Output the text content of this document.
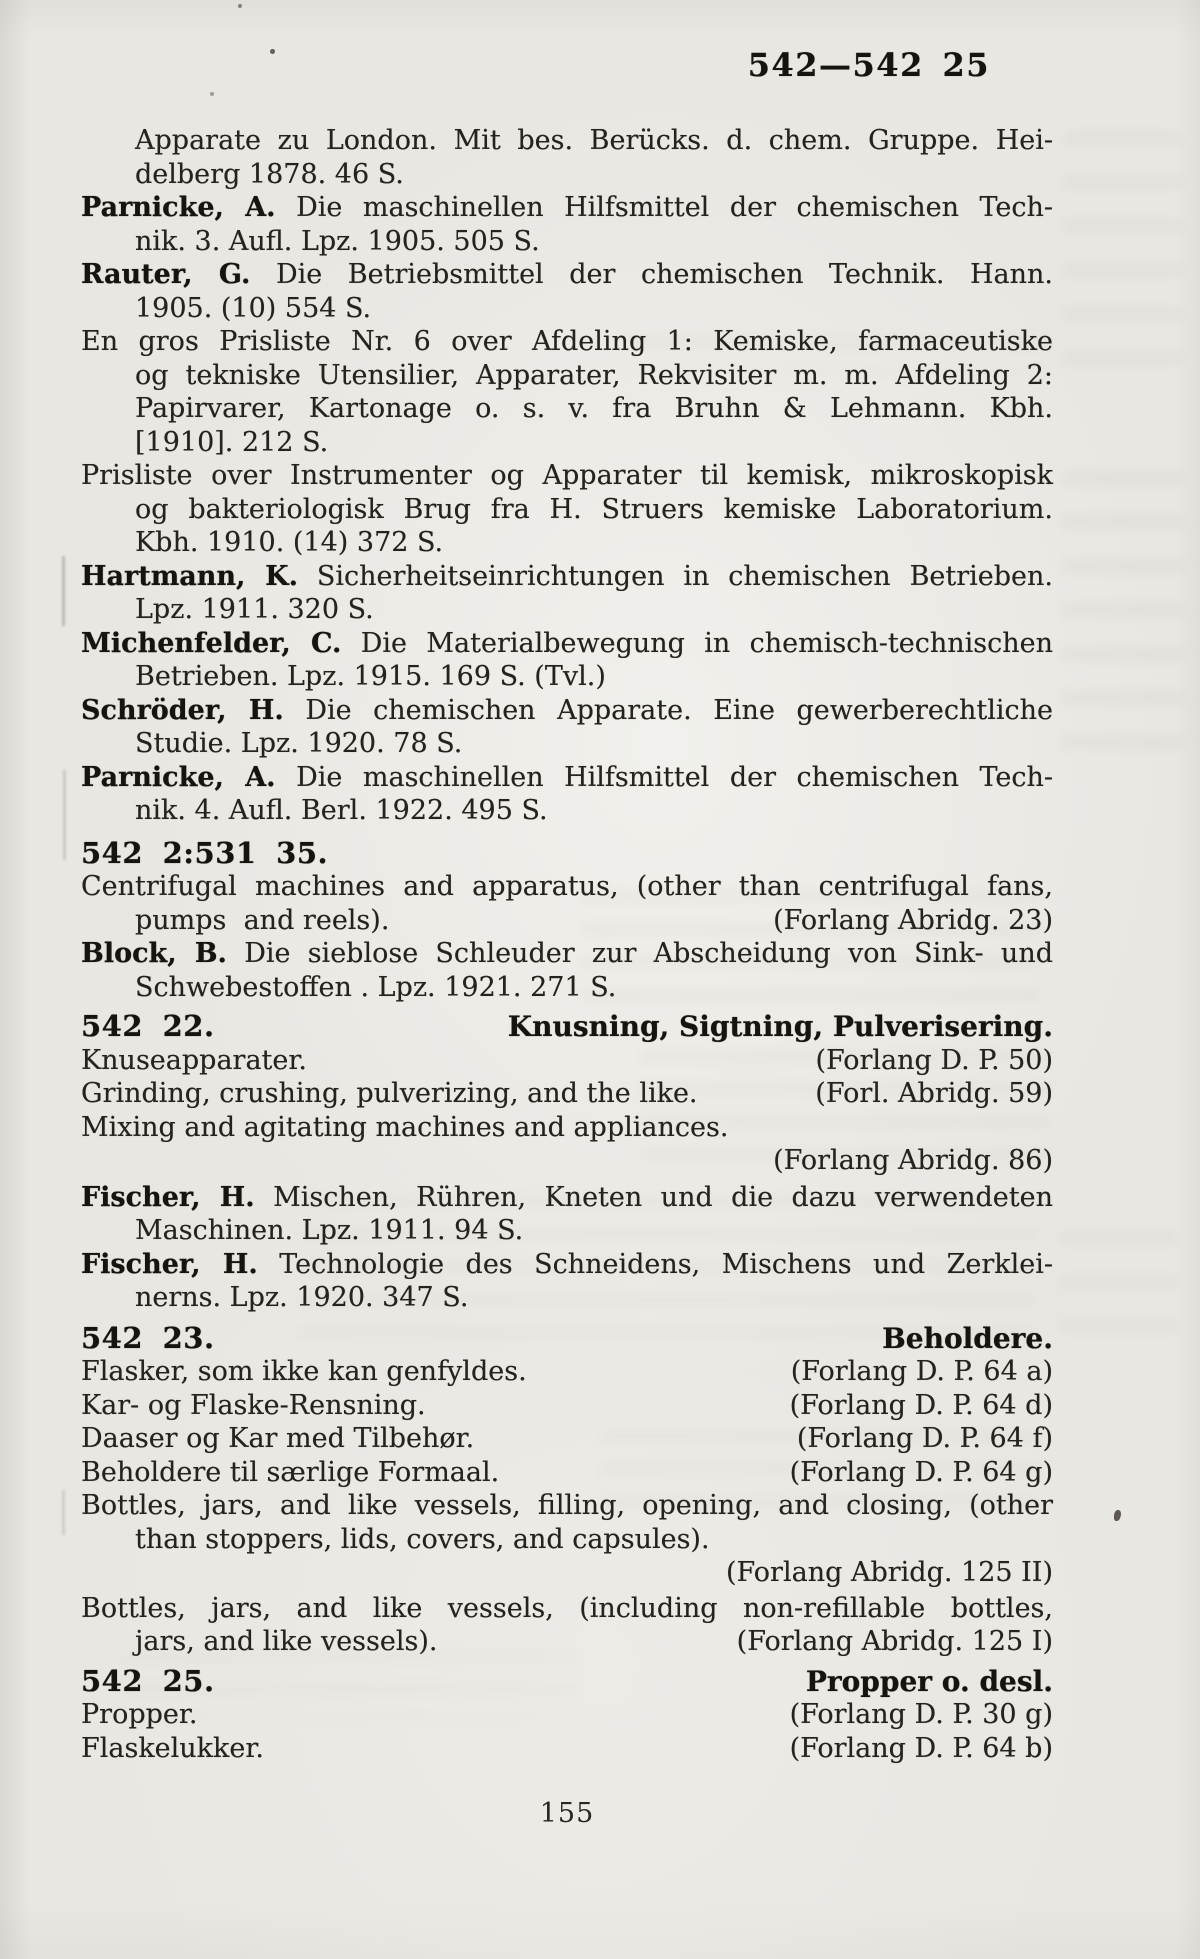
542—542 25
Apparate zu London. Mit bes. Berücks. d. chem. Gruppe. Hei-
delberg 1878. 46 S.
Parnicke, A. Die maschinellen Hilfsmittel der chemischen Tech-
nik. 3. Aufl. Lpz. 1905. 505 S.
Rauter, G. Die Betriebsmittel der chemischen Technik. Hann.
1905. (10) 554 S.
En gros Prisliste Nr. 6 over Afdeling 1: Kemiske, farmaceutiske
og tekniske Utensilier, Apparater, Rekvisiter m. m. Afdeling 2:
Papirvarer, Kartonage o. s. v. fra Bruhn & Lehmann. Kbh.
[1910]. 212 S.
Prisliste over Instrumenter og Apparater til kemisk, mikroskopisk
og bakteriologisk Brug fra H. Struers kemiske Laboratorium.
Kbh. 1910. (14) 372 S.
Hartmann, K. Sicherheitseinrichtungen in chemischen Betrieben.
Lpz. 1911. 320 S.
Michenfelder, C. Die Materialbewegung in chemisch-technischen
Betrieben. Lpz. 1915. 169 S. (Tvl.)
Schröder, H. Die chemischen Apparate. Eine gewerberechtliche
Studie. Lpz. 1920. 78 S.
Parnicke, A. Die maschinellen Hilfsmittel der chemischen Tech-
nik. 4. Aufl. Berl. 1922. 495 S.
542 2:531 35.
Centrifugal machines and apparatus, (other than centrifugal fans,
pumps  and reels).	(Forlang Abridg. 23)
Block, B. Die sieblose Schleuder zur Abscheidung von Sink- und
Schwebestoffen . Lpz. 1921. 271 S.
542 22.	Knusning, Sigtning, Pulverisering.
Knuseapparater.	(Forlang D. P. 50)
Grinding, crushing, pulverizing, and the like.	(Forl. Abridg. 59)
Mixing and agitating machines and appliances.
(Forlang Abridg. 86)
Fischer, H. Mischen, Rühren, Kneten und die dazu verwendeten
Maschinen. Lpz. 1911. 94 S.
Fischer, H. Technologie des Schneidens, Mischens und Zerklei-
nerns. Lpz. 1920. 347 S.
542 23.	Beholdere.
Flasker, som ikke kan genfyldes.	(Forlang D. P. 64 a)
Kar- og Flaske-Rensning.	(Forlang D. P. 64 d)
Daaser og Kar med Tilbehør.	(Forlang D. P. 64 f)
Beholdere til særlige Formaal.	(Forlang D. P. 64 g)
Bottles, jars, and like vessels, filling, opening, and closing, (other
than stoppers, lids, covers, and capsules).
(Forlang Abridg. 125 II)
Bottles, jars, and like vessels, (including non-refillable bottles,
jars, and like vessels).	(Forlang Abridg. 125 I)
542 25.	Propper o. desl.
Propper.	(Forlang D. P. 30 g)
Flaskelukker.	(Forlang D. P. 64 b)
155
